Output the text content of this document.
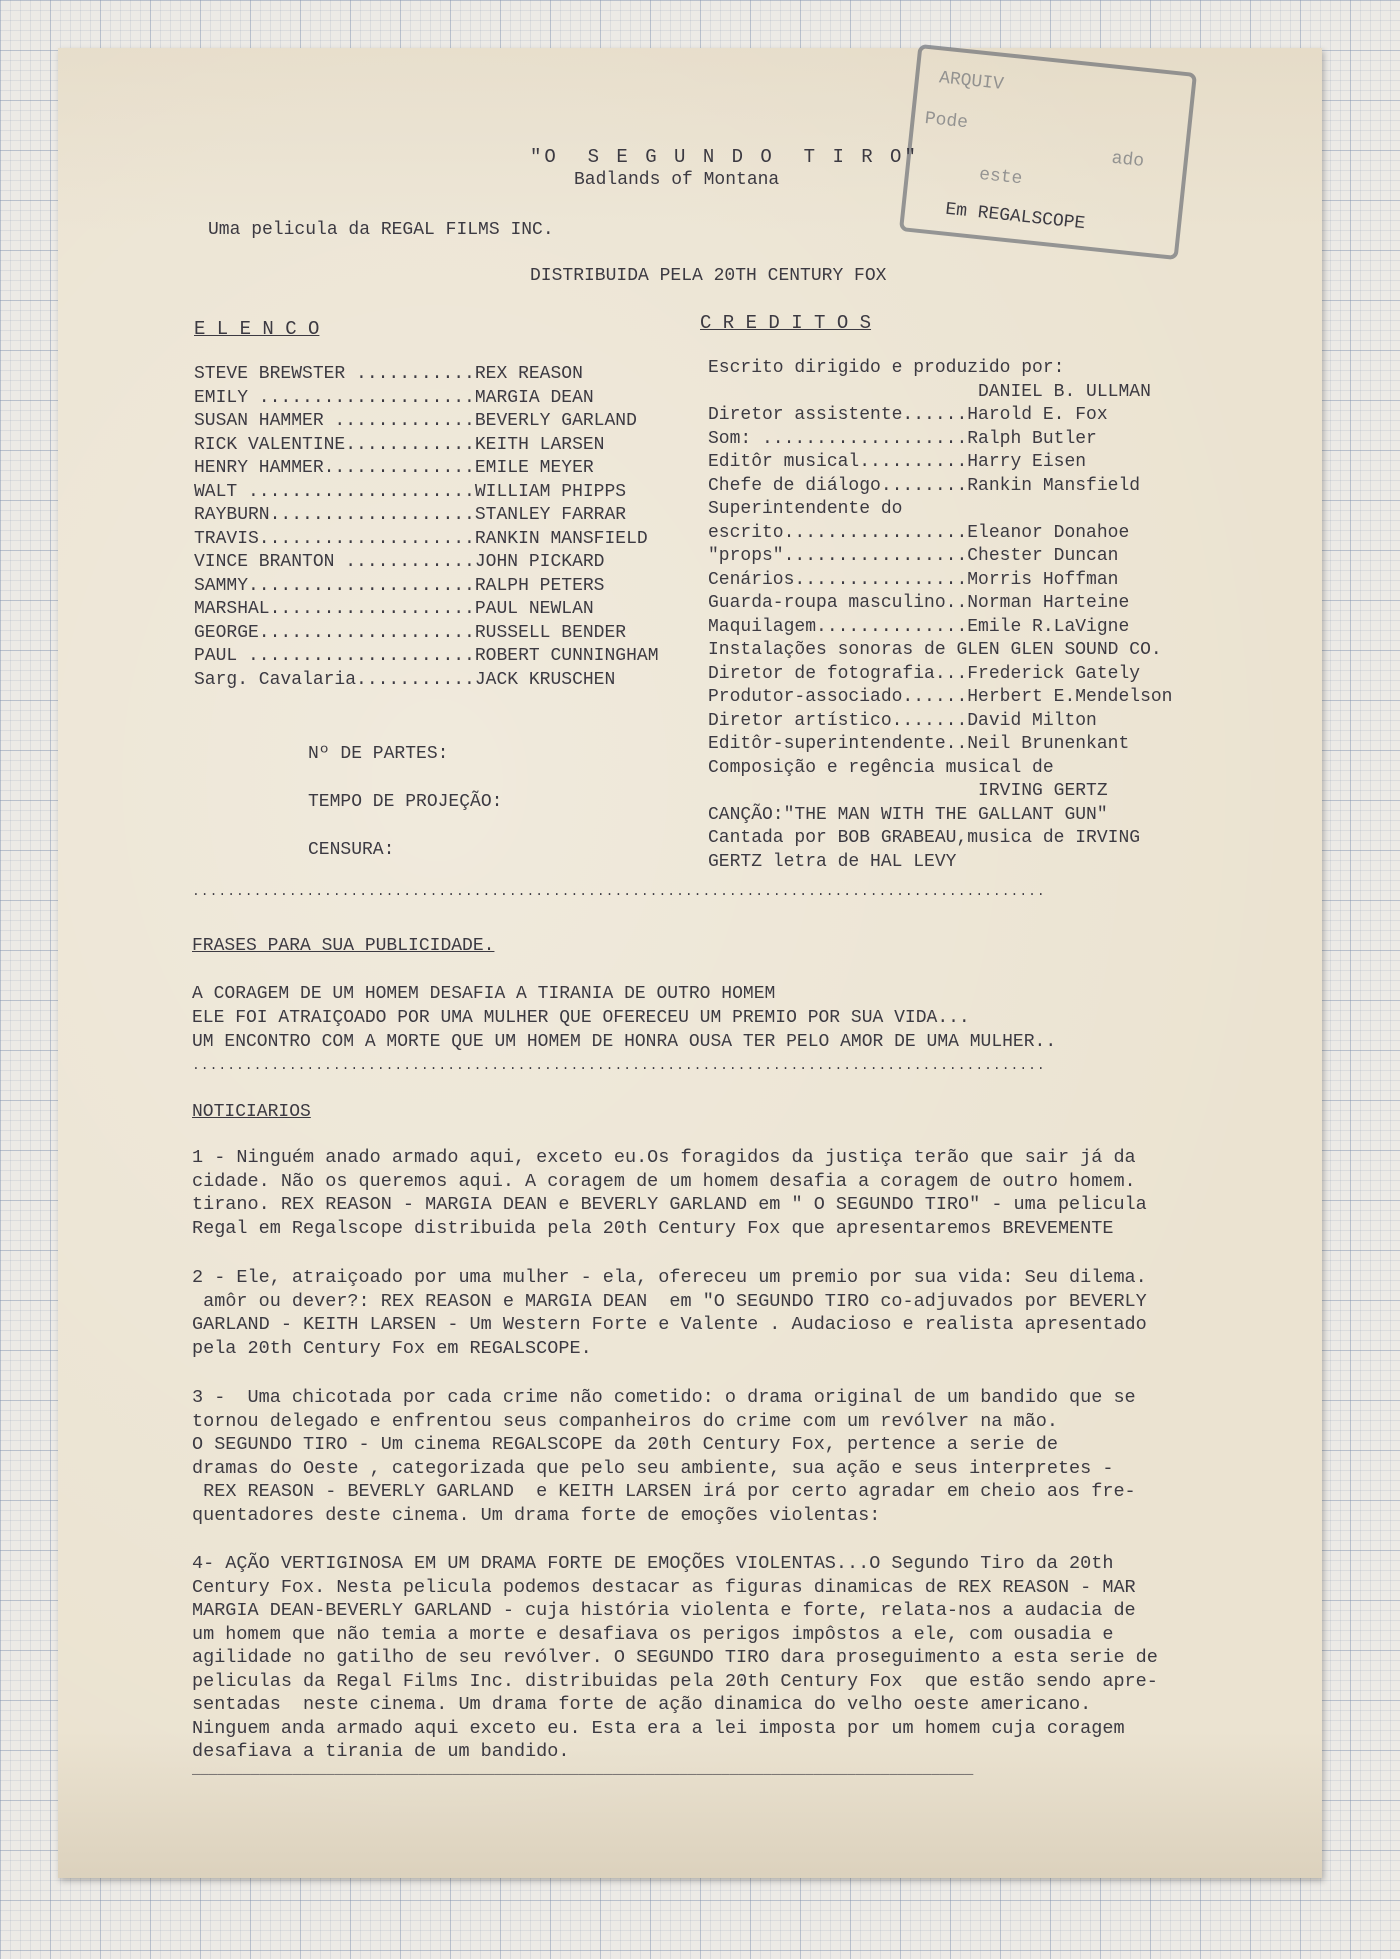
ARQUIV
Pode
ado
este
Em REGALSCOPE
"O  S E G U N D O  T I R O"
Badlands of Montana
Uma pelicula da REGAL FILMS INC.
DISTRIBUIDA PELA 20TH CENTURY FOX
E L E N C O
STEVE BREWSTER ...........REX REASON
EMILY ....................MARGIA DEAN
SUSAN HAMMER .............BEVERLY GARLAND
RICK VALENTINE............KEITH LARSEN
HENRY HAMMER..............EMILE MEYER
WALT .....................WILLIAM PHIPPS
RAYBURN...................STANLEY FARRAR
TRAVIS....................RANKIN MANSFIELD
VINCE BRANTON ............JOHN PICKARD
SAMMY.....................RALPH PETERS
MARSHAL...................PAUL NEWLAN
GEORGE....................RUSSELL BENDER
PAUL .....................ROBERT CUNNINGHAM
Sarg. Cavalaria...........JACK KRUSCHEN
Nº DE PARTES:
TEMPO DE PROJEÇÃO:
CENSURA:
C R E D I T O S
Escrito dirigido e produzido por:
DANIEL B. ULLMAN
Diretor assistente......Harold E. Fox
Som: ...................Ralph Butler
Editôr musical..........Harry Eisen
Chefe de diálogo........Rankin Mansfield
Superintendente do
escrito.................Eleanor Donahoe
"props".................Chester Duncan
Cenários................Morris Hoffman
Guarda-roupa masculino..Norman Harteine
Maquilagem..............Emile R.LaVigne
Instalações sonoras de GLEN GLEN SOUND CO.
Diretor de fotografia...Frederick Gately
Produtor-associado......Herbert E.Mendelson
Diretor artístico.......David Milton
Editôr-superintendente..Neil Brunenkant
Composição e regência musical de
IRVING GERTZ
CANÇÃO:"THE MAN WITH THE GALLANT GUN"
Cantada por BOB GRABEAU,musica de IRVING
GERTZ letra de HAL LEVY
.................................................................................................
FRASES PARA SUA PUBLICIDADE.
A CORAGEM DE UM HOMEM DESAFIA A TIRANIA DE OUTRO HOMEM
ELE FOI ATRAIÇOADO POR UMA MULHER QUE OFERECEU UM PREMIO POR SUA VIDA...
UM ENCONTRO COM A MORTE QUE UM HOMEM DE HONRA OUSA TER PELO AMOR DE UMA MULHER..
.................................................................................................
NOTICIARIOS
1 - Ninguém anado armado aqui, exceto eu.Os foragidos da justiça terão que sair já da
cidade. Não os queremos aqui. A coragem de um homem desafia a coragem de outro homem.
tirano. REX REASON - MARGIA DEAN e BEVERLY GARLAND em " O SEGUNDO TIRO" - uma pelicula
Regal em Regalscope distribuida pela 20th Century Fox que apresentaremos BREVEMENTE
2 - Ele, atraiçoado por uma mulher - ela, ofereceu um premio por sua vida: Seu dilema.
amôr ou dever?: REX REASON e MARGIA DEAN  em "O SEGUNDO TIRO co-adjuvados por BEVERLY
GARLAND - KEITH LARSEN - Um Western Forte e Valente . Audacioso e realista apresentado
pela 20th Century Fox em REGALSCOPE.
3 -  Uma chicotada por cada crime não cometido: o drama original de um bandido que se
tornou delegado e enfrentou seus companheiros do crime com um revólver na mão.
O SEGUNDO TIRO - Um cinema REGALSCOPE da 20th Century Fox, pertence a serie de
dramas do Oeste , categorizada que pelo seu ambiente, sua ação e seus interpretes -
REX REASON - BEVERLY GARLAND  e KEITH LARSEN irá por certo agradar em cheio aos fre-
quentadores deste cinema. Um drama forte de emoções violentas:
4- AÇÃO VERTIGINOSA EM UM DRAMA FORTE DE EMOÇÕES VIOLENTAS...O Segundo Tiro da 20th
Century Fox. Nesta pelicula podemos destacar as figuras dinamicas de REX REASON - MAR
MARGIA DEAN-BEVERLY GARLAND - cuja história violenta e forte, relata-nos a audacia de
um homem que não temia a morte e desafiava os perigos impôstos a ele, com ousadia e
agilidade no gatilho de seu revólver. O SEGUNDO TIRO dara proseguimento a esta serie de
peliculas da Regal Films Inc. distribuidas pela 20th Century Fox  que estão sendo apre-
sentadas  neste cinema. Um drama forte de ação dinamica do velho oeste americano.
Ninguem anda armado aqui exceto eu. Esta era a lei imposta por um homem cuja coragem
desafiava a tirania de um bandido.
_____________________________________________________________________________________________
